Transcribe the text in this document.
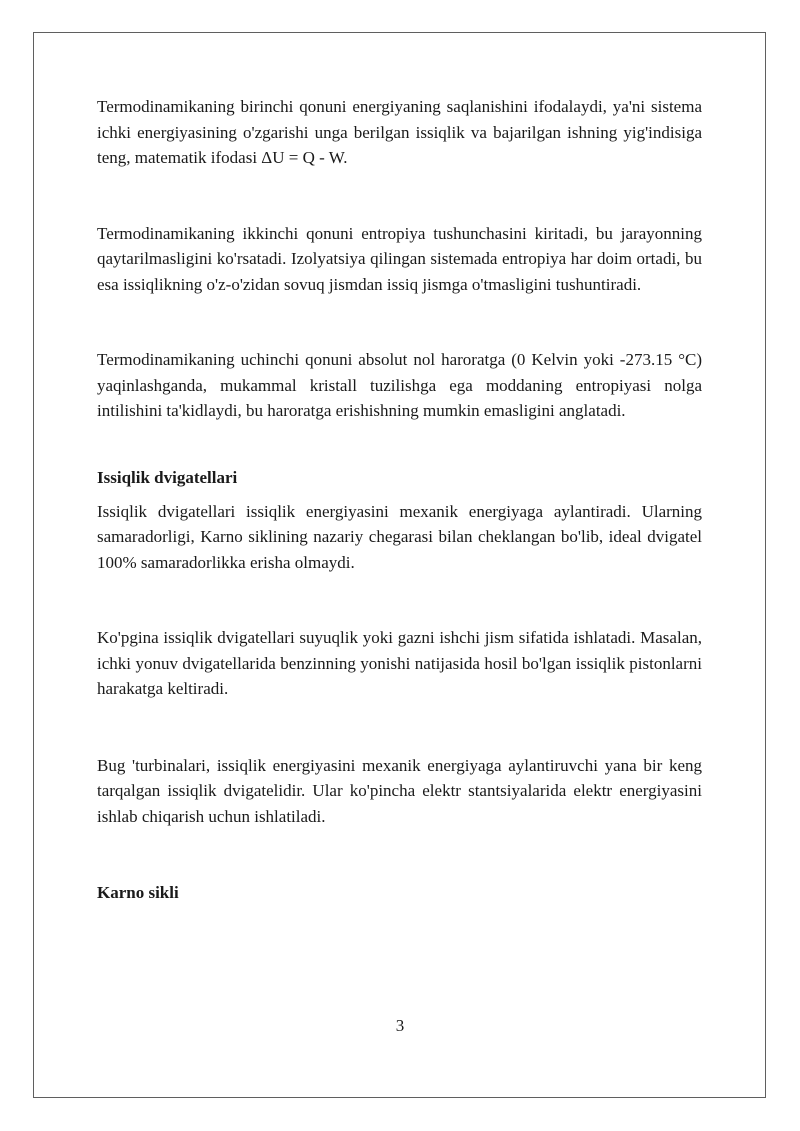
Termodinamikaning birinchi qonuni energiyaning saqlanishini ifodalaydi, ya'ni sistema ichki energiyasining o'zgarishi unga berilgan issiqlik va bajarilgan ishning yig'indisiga teng, matematik ifodasi ΔU = Q - W.

Termodinamikaning ikkinchi qonuni entropiya tushunchasini kiritadi, bu jarayonning qaytarilmasligini ko'rsatadi. Izolyatsiya qilingan sistemada entropiya har doim ortadi, bu esa issiqlikning o'z-o'zidan sovuq jismdan issiq jismga o'tmasligini tushuntiradi.

Termodinamikaning uchinchi qonuni absolut nol haroratga (0 Kelvin yoki -273.15 °C) yaqinlashganda, mukammal kristall tuzilishga ega moddaning entropiyasi nolga intilishini ta'kidlaydi, bu haroratga erishishning mumkin emasligini anglatadi.

Issiqlik dvigatellari

Issiqlik dvigatellari issiqlik energiyasini mexanik energiyaga aylantiradi. Ularning samaradorligi, Karno siklining nazariy chegarasi bilan cheklangan bo'lib, ideal dvigatel 100% samaradorlikka erisha olmaydi.

Ko'pgina issiqlik dvigatellari suyuqlik yoki gazni ishchi jism sifatida ishlatadi. Masalan, ichki yonuv dvigatellarida benzinning yonishi natijasida hosil bo'lgan issiqlik pistonlarni harakatga keltiradi.

Bug 'turbinalari, issiqlik energiyasini mexanik energiyaga aylantiruvchi yana bir keng tarqalgan issiqlik dvigatelidir. Ular ko'pincha elektr stantsiyalarida elektr energiyasini ishlab chiqarish uchun ishlatiladi.

Karno sikli
3
